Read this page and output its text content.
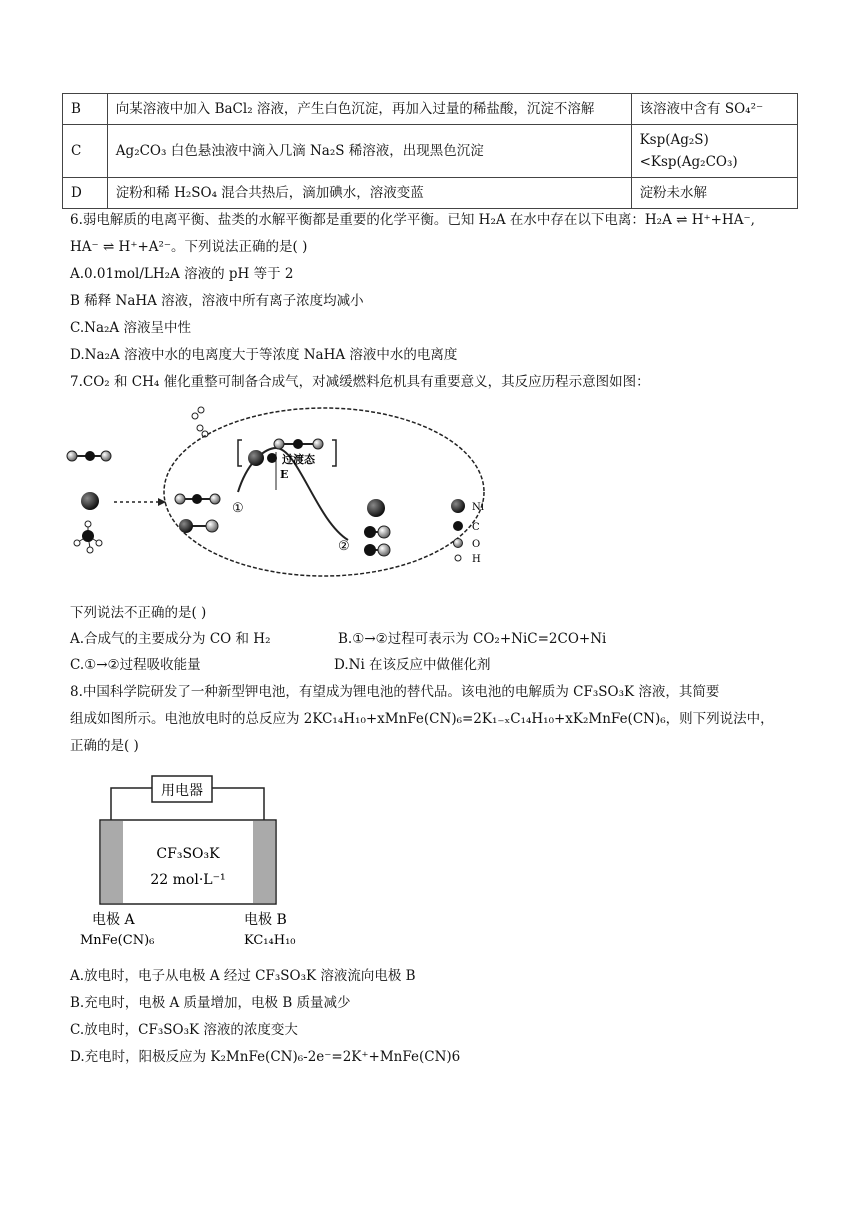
B	向某溶液中加入 BaCl₂ 溶液，产生白色沉淀，再加入过量的稀盐酸，沉淀不溶解	该溶液中含有 SO₄²⁻
C	Ag₂CO₃ 白色悬浊液中滴入几滴 Na₂S 稀溶液，出现黑色沉淀	Ksp(Ag₂S)<Ksp(Ag₂CO₃)
D	淀粉和稀 H₂SO₄ 混合共热后，滴加碘水，溶液变蓝	淀粉未水解
6.弱电解质的电离平衡、盐类的水解平衡都是重要的化学平衡。已知 H₂A 在水中存在以下电离：H₂A ⇌ H⁺+HA⁻,
HA⁻ ⇌ H⁺+A²⁻。下列说法正确的是( )
A.0.01mol/LH₂A 溶液的 pH 等于 2
B 稀释 NaHA 溶液，溶液中所有离子浓度均减小
C.Na₂A 溶液呈中性
D.Na₂A 溶液中水的电离度大于等浓度 NaHA 溶液中水的电离度
7.CO₂ 和 CH₄ 催化重整可制备合成气，对减缓燃料危机具有重要意义，其反应历程示意图如图：
E
①
②
过渡态
Ni
C
O
H
下列说法不正确的是( )
A.合成气的主要成分为 CO 和 H₂	B.①→②过程可表示为 CO₂+NiC=2CO+Ni
C.①→②过程吸收能量	D.Ni 在该反应中做催化剂
8.中国科学院研发了一种新型钾电池，有望成为锂电池的替代品。该电池的电解质为 CF₃SO₃K 溶液，其简要
组成如图所示。电池放电时的总反应为 2KC₁₄H₁₀+xMnFe(CN)₆=2K₁₋ₓC₁₄H₁₀+xK₂MnFe(CN)₆，则下列说法中，
正确的是( )
用电器
CF₃SO₃K
22 mol·L⁻¹
电极 A
MnFe(CN)₆
电极 B
KC₁₄H₁₀
A.放电时，电子从电极 A 经过 CF₃SO₃K 溶液流向电极 B
B.充电时，电极 A 质量增加，电极 B 质量减少
C.放电时，CF₃SO₃K 溶液的浓度变大
D.充电时，阳极反应为 K₂MnFe(CN)₆-2e⁻=2K⁺+MnFe(CN)6
